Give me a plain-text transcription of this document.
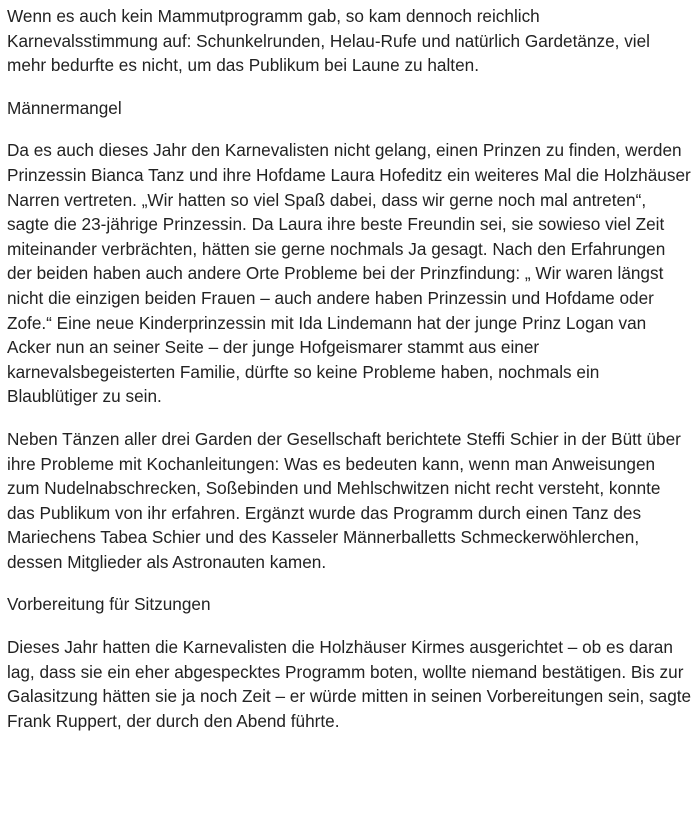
Wenn es auch kein Mammutprogramm gab, so kam dennoch reichlich Karnevalsstimmung auf: Schunkelrunden, Helau-Rufe und natürlich Gardetänze, viel mehr bedurfte es nicht, um das Publikum bei Laune zu halten.

Männermangel

Da es auch dieses Jahr den Karnevalisten nicht gelang, einen Prinzen zu finden, werden Prinzessin Bianca Tanz und ihre Hofdame Laura Hofeditz ein weiteres Mal die Holzhäuser Narren vertreten. „Wir hatten so viel Spaß dabei, dass wir gerne noch mal antreten“, sagte die 23-jährige Prinzessin. Da Laura ihre beste Freundin sei, sie sowieso viel Zeit miteinander verbrächten, hätten sie gerne nochmals Ja gesagt. Nach den Erfahrungen der beiden haben auch andere Orte Probleme bei der Prinzfindung: „ Wir waren längst nicht die einzigen beiden Frauen – auch andere haben Prinzessin und Hofdame oder Zofe.“ Eine neue Kinderprinzessin mit Ida Lindemann hat der junge Prinz Logan van Acker nun an seiner Seite – der junge Hofgeismarer stammt aus einer karnevalsbegeisterten Familie, dürfte so keine Probleme haben, nochmals ein Blaublütiger zu sein.

Neben Tänzen aller drei Garden der Gesellschaft berichtete Steffi Schier in der Bütt über ihre Probleme mit Kochanleitungen: Was es bedeuten kann, wenn man Anweisungen zum Nudelnabschrecken, Soßebinden und Mehlschwitzen nicht recht versteht, konnte das Publikum von ihr erfahren. Ergänzt wurde das Programm durch einen Tanz des Mariechens Tabea Schier und des Kasseler Männerballetts Schmeckerwöhlerchen, dessen Mitglieder als Astronauten kamen.

Vorbereitung für Sitzungen

Dieses Jahr hatten die Karnevalisten die Holzhäuser Kirmes ausgerichtet – ob es daran lag, dass sie ein eher abgespecktes Programm boten, wollte niemand bestätigen. Bis zur Galasitzung hätten sie ja noch Zeit – er würde mitten in seinen Vorbereitungen sein, sagte Frank Ruppert, der durch den Abend führte.
